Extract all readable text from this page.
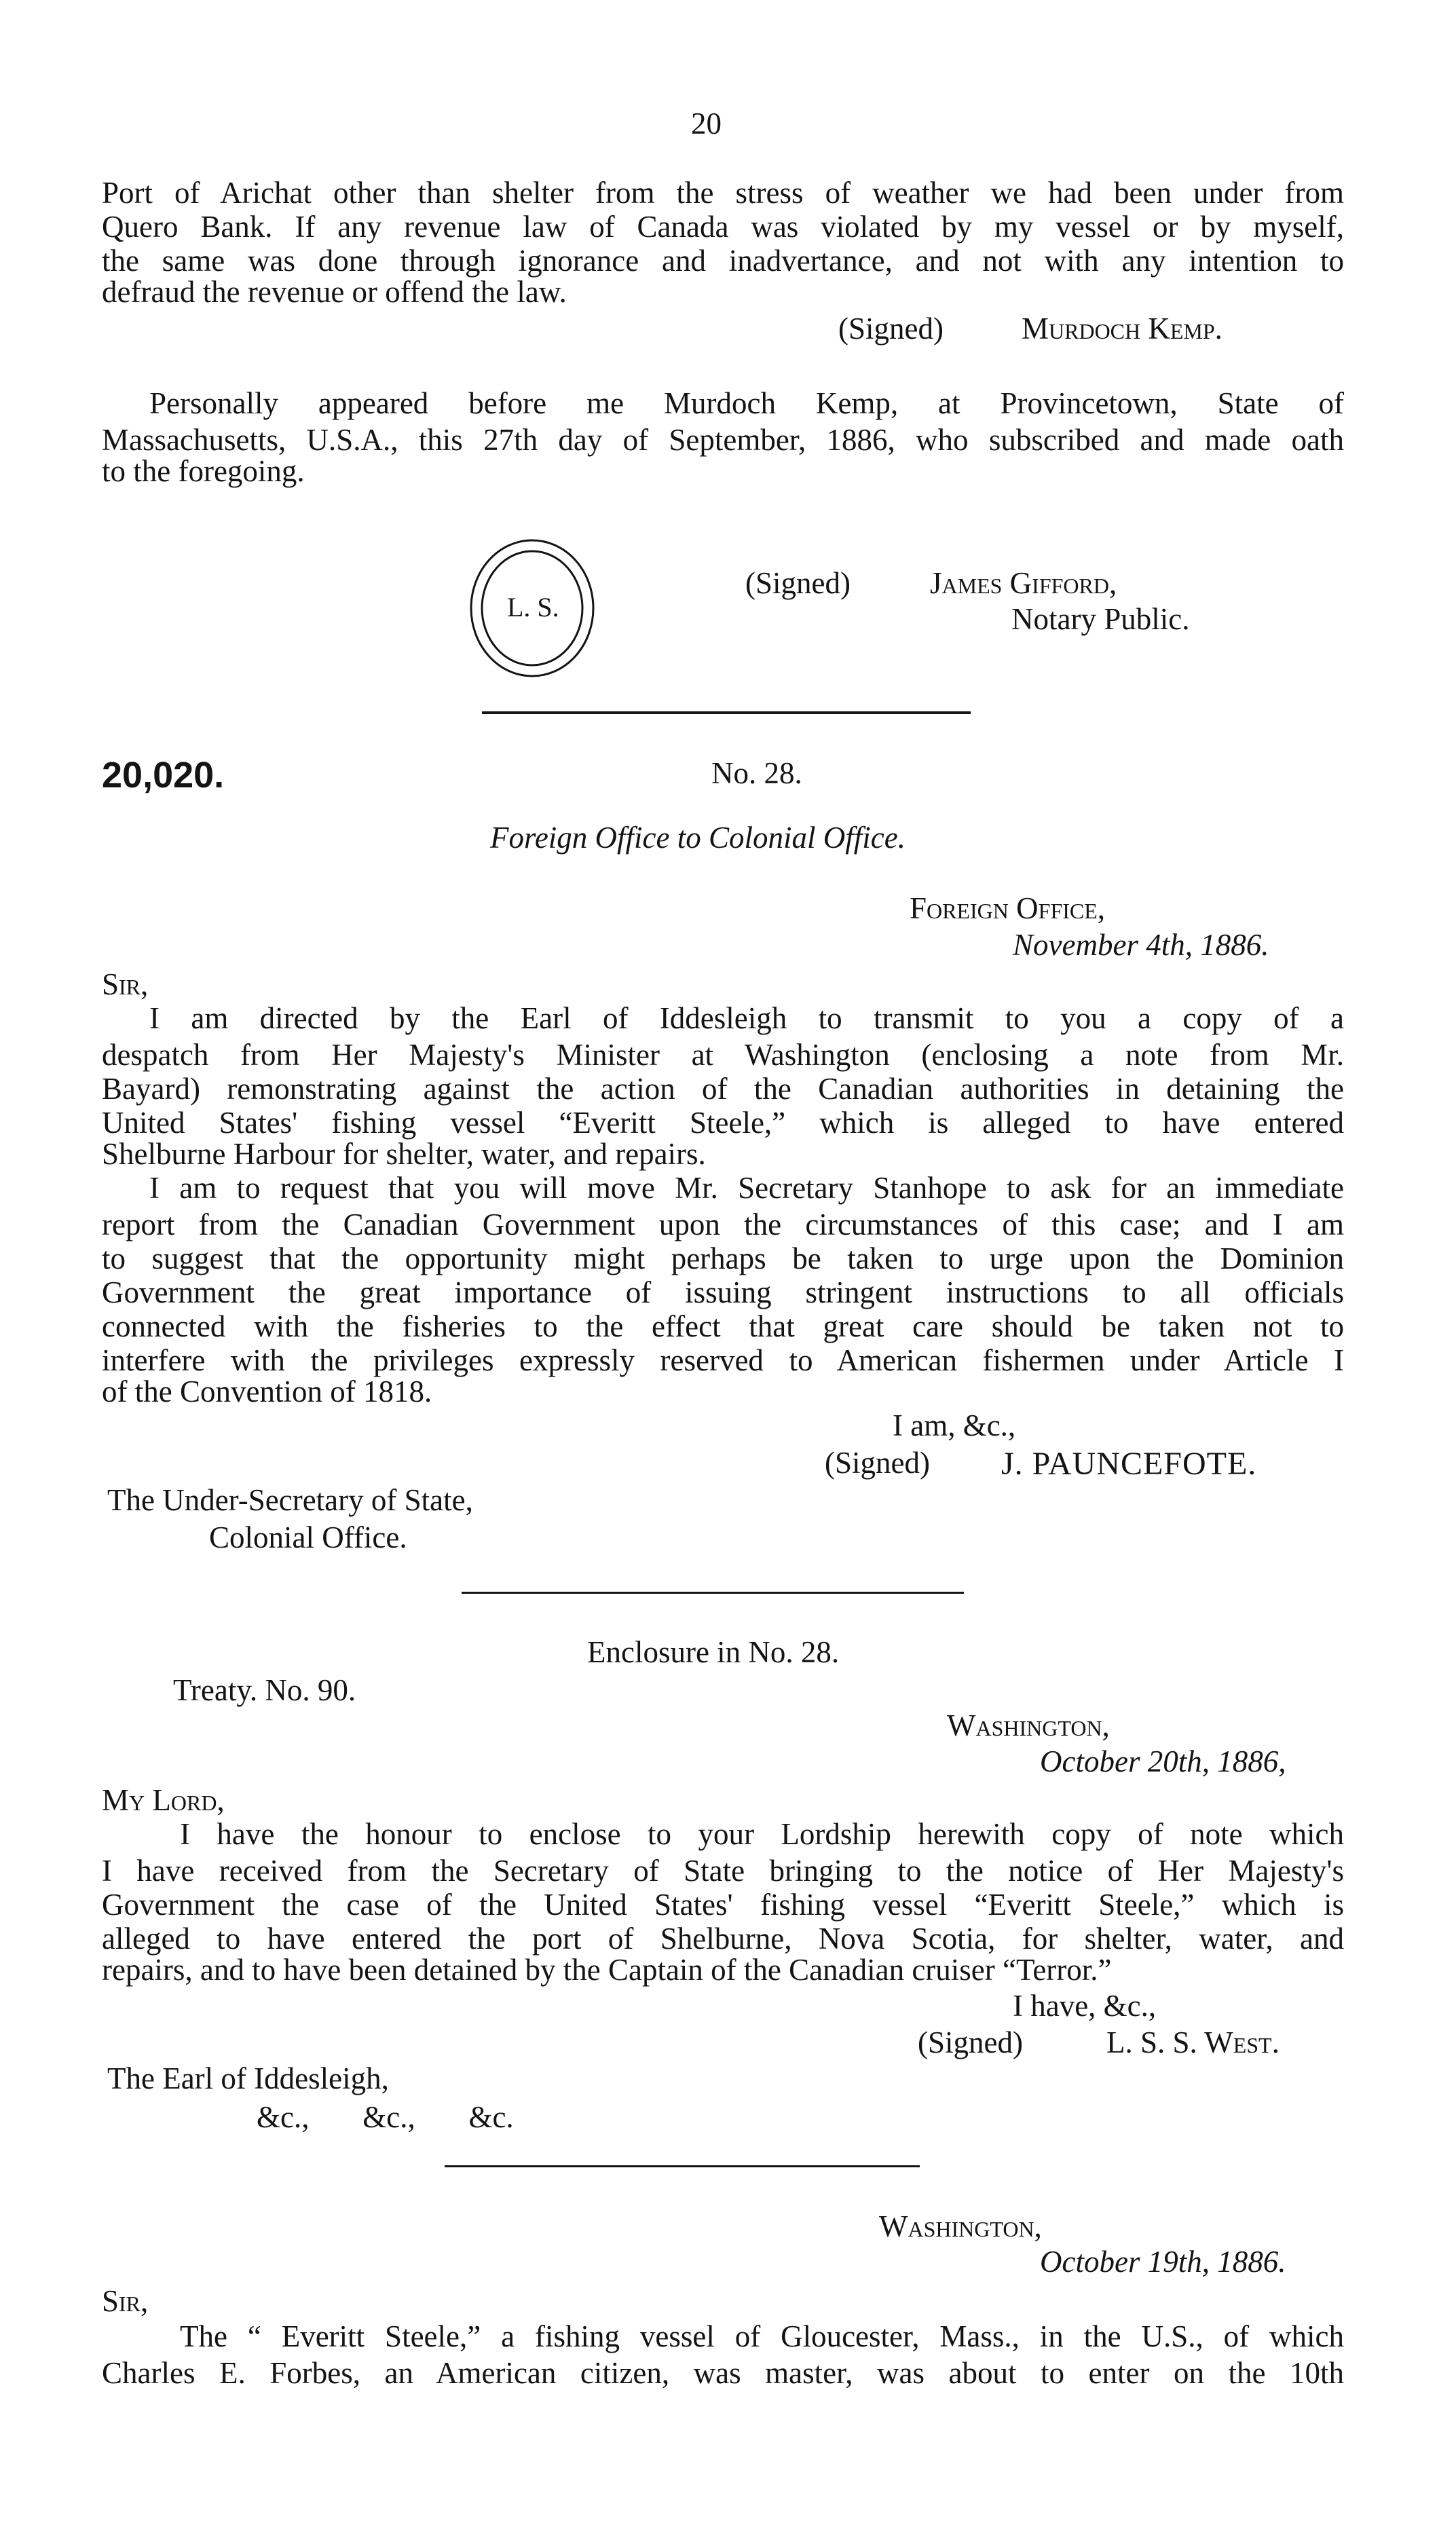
20
Port of Arichat other than shelter from the stress of weather we had been under from
Quero Bank. If any revenue law of Canada was violated by my vessel or by myself,
the same was done through ignorance and inadvertance, and not with any intention to
defraud the revenue or offend the law.
(Signed)	Murdoch Kemp.
Personally appeared before me Murdoch Kemp, at Provincetown, State of
Massachusetts, U.S.A., this 27th day of September, 1886, who subscribed and made oath
to the foregoing.
L. S.
(Signed)	James Gifford,
Notary Public.
20,020.	No. 28.
Foreign Office to Colonial Office.
Foreign Office,
November 4th, 1886.
Sir,
I am directed by the Earl of Iddesleigh to transmit to you a copy of a
despatch from Her Majesty's Minister at Washington (enclosing a note from Mr.
Bayard) remonstrating against the action of the Canadian authorities in detaining the
United States' fishing vessel “Everitt Steele,” which is alleged to have entered
Shelburne Harbour for shelter, water, and repairs.
I am to request that you will move Mr. Secretary Stanhope to ask for an immediate
report from the Canadian Government upon the circumstances of this case; and I am
to suggest that the opportunity might perhaps be taken to urge upon the Dominion
Government the great importance of issuing stringent instructions to all officials
connected with the fisheries to the effect that great care should be taken not to
interfere with the privileges expressly reserved to American fishermen under Article I
of the Convention of 1818.
I am, &c.,
(Signed) J. PAUNCEFOTE.
The Under-Secretary of State,
Colonial Office.
Enclosure in No. 28.
Treaty. No. 90.
Washington,
October 20th, 1886,
My Lord,
I have the honour to enclose to your Lordship herewith copy of note which
I have received from the Secretary of State bringing to the notice of Her Majesty's
Government the case of the United States' fishing vessel “Everitt Steele,” which is
alleged to have entered the port of Shelburne, Nova Scotia, for shelter, water, and
repairs, and to have been detained by the Captain of the Canadian cruiser “Terror.”
I have, &c.,
(Signed)	L. S. S. West.
The Earl of Iddesleigh,
&c.,       &c.,       &c.
Washington,
October 19th, 1886.
Sir,
The “ Everitt Steele,” a fishing vessel of Gloucester, Mass., in the U.S., of which
Charles E. Forbes, an American citizen, was master, was about to enter on the 10th
